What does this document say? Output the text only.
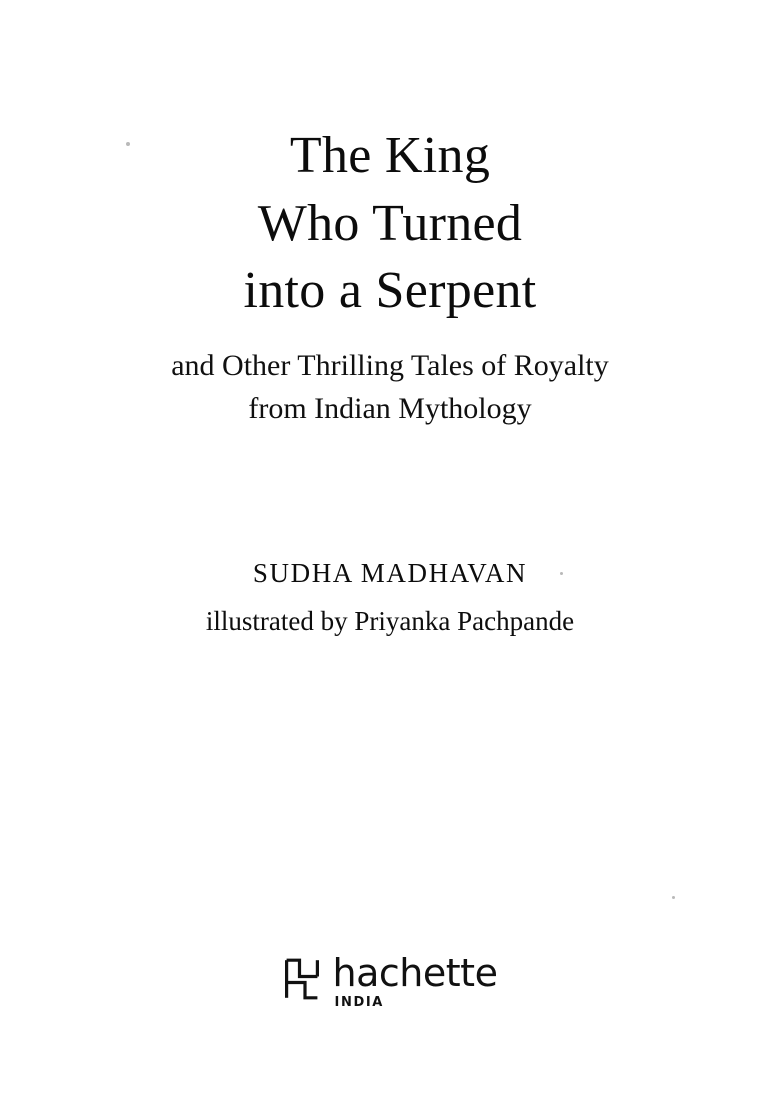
The King
Who Turned
into a Serpent
and Other Thrilling Tales of Royalty
from Indian Mythology
SUDHA MADHAVAN
illustrated by Priyanka Pachpande
hachette
INDIA
